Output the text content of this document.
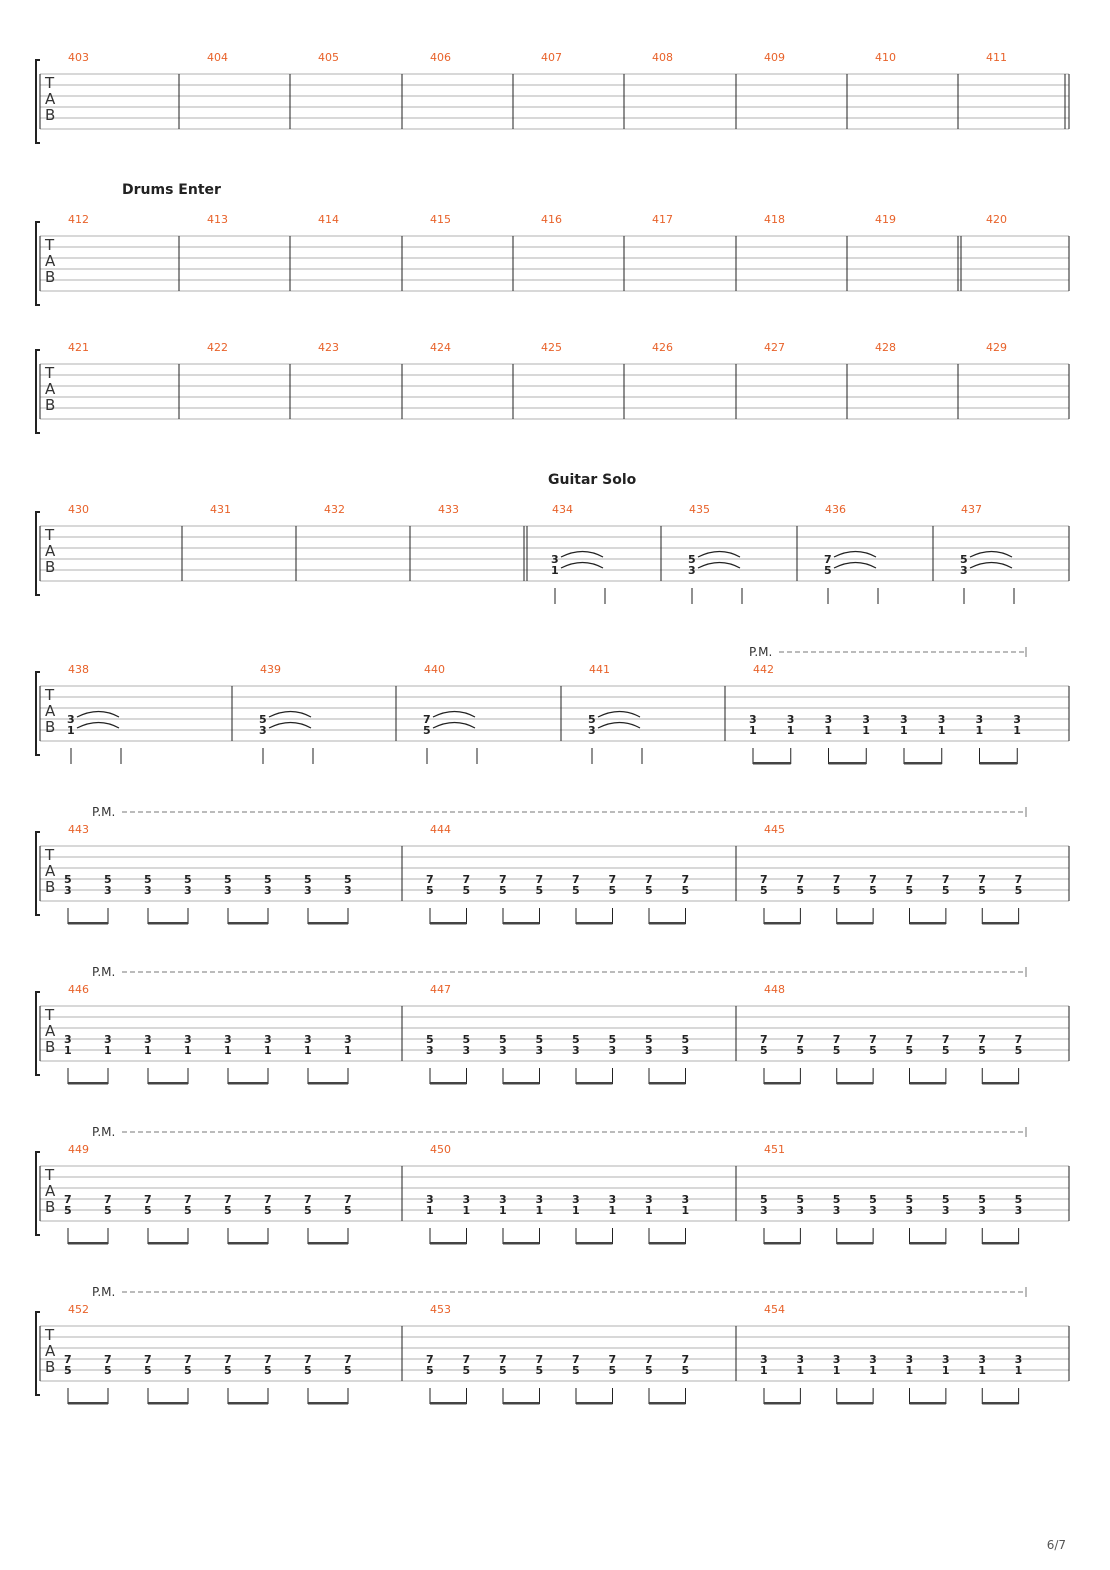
T
A
B
403	404	405	406	407	408	409	410	411
T
A
B
Drums Enter
412	413	414	415	416	417	418	419	420
T
A
B
421	422	423	424	425	426	427	428	429
T
A
B
Guitar Solo
430	431	432	433	434
3
1
435
5
3
436
7
5
437
5
3
T
A
B
P.M.
438
3
1
439
5
3
440
7
5
441
5
3
442
3
1
3
1
3
1
3
1
3
1
3
1
3
1
3
1
T
A
B
P.M.
443
5
3
5
3
5
3
5
3
5
3
5
3
5
3
5
3
444
7
5
7
5
7
5
7
5
7
5
7
5
7
5
7
5
445
7
5
7
5
7
5
7
5
7
5
7
5
7
5
7
5
T
A
B
P.M.
446
3
1
3
1
3
1
3
1
3
1
3
1
3
1
3
1
447
5
3
5
3
5
3
5
3
5
3
5
3
5
3
5
3
448
7
5
7
5
7
5
7
5
7
5
7
5
7
5
7
5
T
A
B
P.M.
449
7
5
7
5
7
5
7
5
7
5
7
5
7
5
7
5
450
3
1
3
1
3
1
3
1
3
1
3
1
3
1
3
1
451
5
3
5
3
5
3
5
3
5
3
5
3
5
3
5
3
T
A
B
P.M.
452
7
5
7
5
7
5
7
5
7
5
7
5
7
5
7
5
453
7
5
7
5
7
5
7
5
7
5
7
5
7
5
7
5
454
3
1
3
1
3
1
3
1
3
1
3
1
3
1
3
1
6/7
